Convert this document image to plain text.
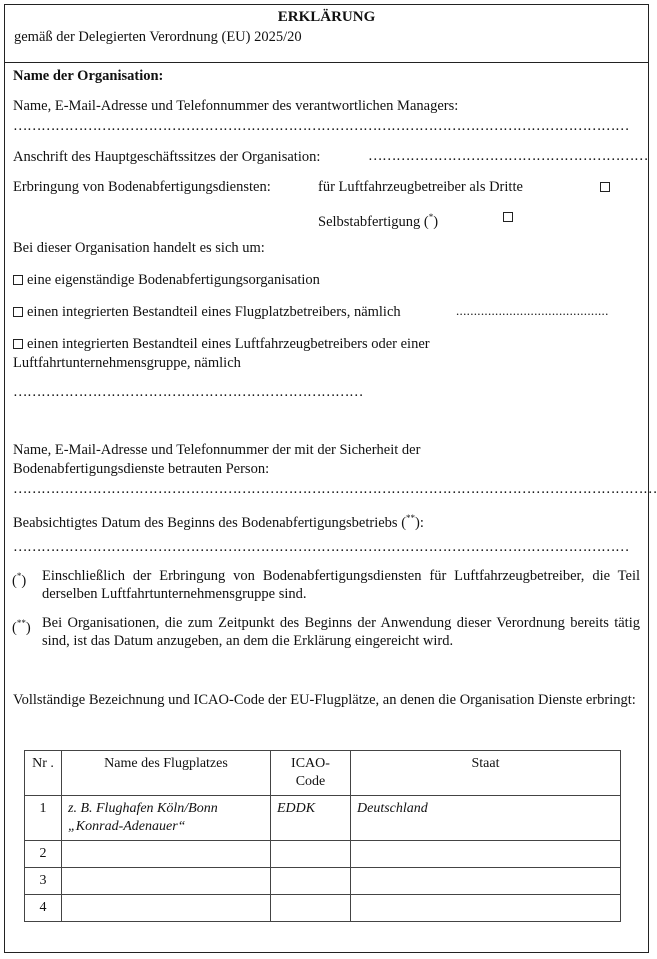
ERKLÄRUNG
gemäß der Delegierten Verordnung (EU) 2025/20
Name der Organisation:
Name, E-Mail-Adresse und Telefonnummer des verantwortlichen Managers:
……………………………………………………………………………………………………………………
Anschrift des Hauptgeschäftssitzes der Organisation:	……………………………………………………
Erbringung von Bodenabfertigungsdiensten:	für Luftfahrzeugbetreiber als Dritte
Selbstabfertigung (*)
Bei dieser Organisation handelt es sich um:
eine eigenständige Bodenabfertigungsorganisation
einen integrierten Bestandteil eines Flugplatzbetreibers, nämlich	...........................................
einen integrierten Bestandteil eines Luftfahrzeugbetreibers oder einer
Luftfahrtunternehmensgruppe, nämlich
…………………………………………………………………
Name, E-Mail-Adresse und Telefonnummer der mit der Sicherheit der
Bodenabfertigungsdienste betrauten Person:
…………………………………………………………………………………………………………………………
Beabsichtigtes Datum des Beginns des Bodenabfertigungsbetriebs (**):
……………………………………………………………………………………………………………………
(*) Einschließlich der Erbringung von Bodenabfertigungsdiensten für Luftfahrzeugbetreiber, die Teil derselben Luftfahrtunternehmensgruppe sind.
(**) Bei Organisationen, die zum Zeitpunkt des Beginns der Anwendung dieser Verordnung bereits tätig sind, ist das Datum anzugeben, an dem die Erklärung eingereicht wird.
Vollständige Bezeichnung und ICAO-Code der EU-Flugplätze, an denen die Organisation Dienste erbringt:
Nr .	Name des Flugplatzes	ICAO-Code	Staat
1	z. B. Flughafen Köln/Bonn „Konrad-Adenauer“	EDDK	Deutschland
2			
3			
4			
